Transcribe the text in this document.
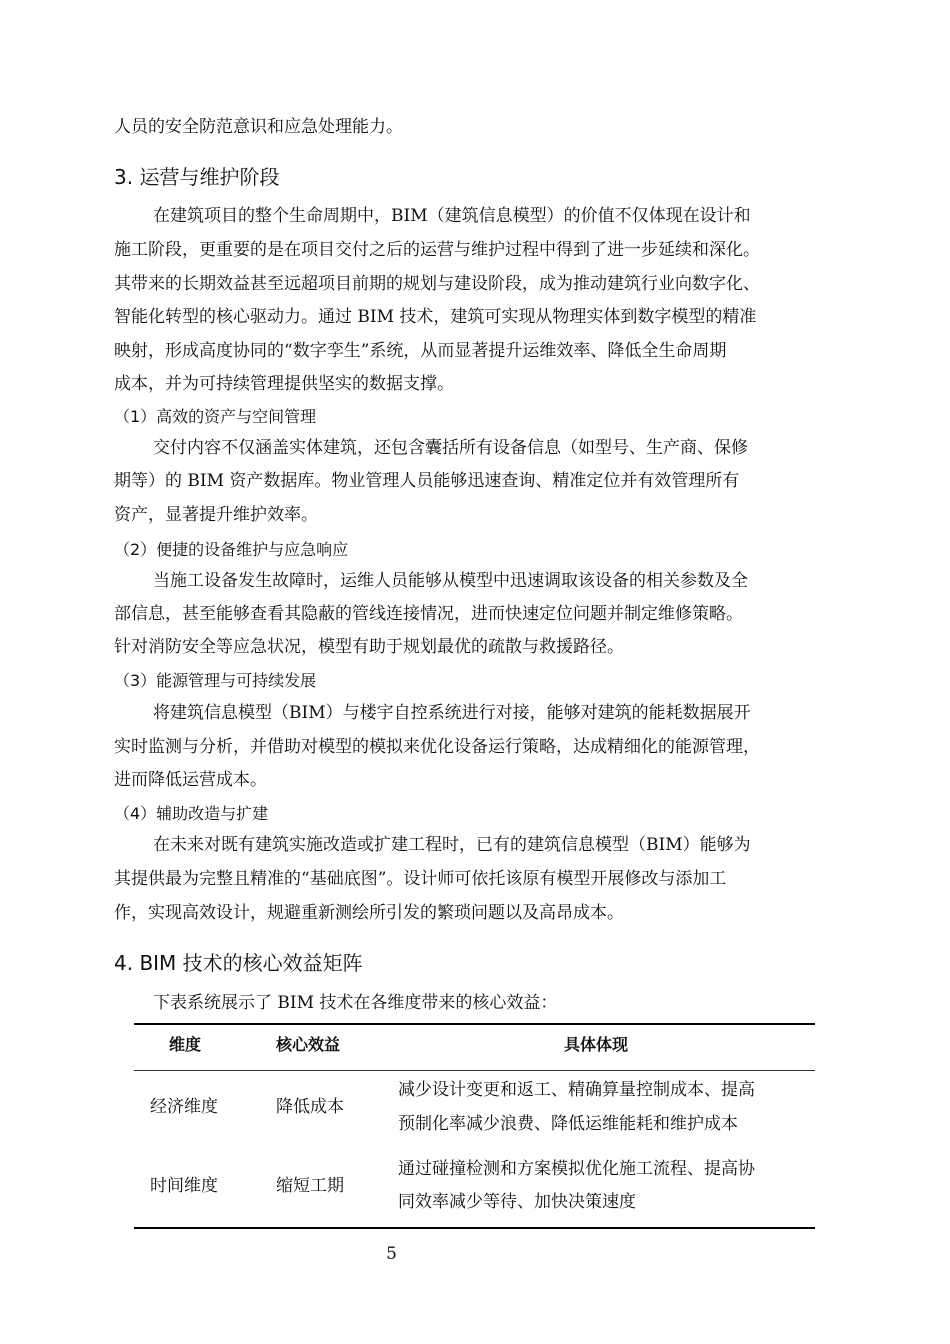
人员的安全防范意识和应急处理能力。
3. 运营与维护阶段
在建筑项目的整个生命周期中，BIM（建筑信息模型）的价值不仅体现在设计和
施工阶段，更重要的是在项目交付之后的运营与维护过程中得到了进一步延续和深化。
其带来的长期效益甚至远超项目前期的规划与建设阶段，成为推动建筑行业向数字化、
智能化转型的核心驱动力。通过 BIM 技术，建筑可实现从物理实体到数字模型的精准
映射，形成高度协同的“数字孪生”系统，从而显著提升运维效率、降低全生命周期
成本，并为可持续管理提供坚实的数据支撑。
（1）高效的资产与空间管理
交付内容不仅涵盖实体建筑，还包含囊括所有设备信息（如型号、生产商、保修
期等）的 BIM 资产数据库。物业管理人员能够迅速查询、精准定位并有效管理所有
资产，显著提升维护效率。
（2）便捷的设备维护与应急响应
当施工设备发生故障时，运维人员能够从模型中迅速调取该设备的相关参数及全
部信息，甚至能够查看其隐蔽的管线连接情况，进而快速定位问题并制定维修策略。
针对消防安全等应急状况，模型有助于规划最优的疏散与救援路径。
（3）能源管理与可持续发展
将建筑信息模型（BIM）与楼宇自控系统进行对接，能够对建筑的能耗数据展开
实时监测与分析，并借助对模型的模拟来优化设备运行策略，达成精细化的能源管理，
进而降低运营成本。
（4）辅助改造与扩建
在未来对既有建筑实施改造或扩建工程时，已有的建筑信息模型（BIM）能够为
其提供最为完整且精准的“基础底图”。设计师可依托该原有模型开展修改与添加工
作，实现高效设计，规避重新测绘所引发的繁琐问题以及高昂成本。
4. BIM 技术的核心效益矩阵
下表系统展示了 BIM 技术在各维度带来的核心效益：
维度	核心效益	具体体现
经济维度	降低成本
减少设计变更和返工、精确算量控制成本、提高
预制化率减少浪费、降低运维能耗和维护成本
时间维度	缩短工期
通过碰撞检测和方案模拟优化施工流程、提高协
同效率减少等待、加快决策速度
5
